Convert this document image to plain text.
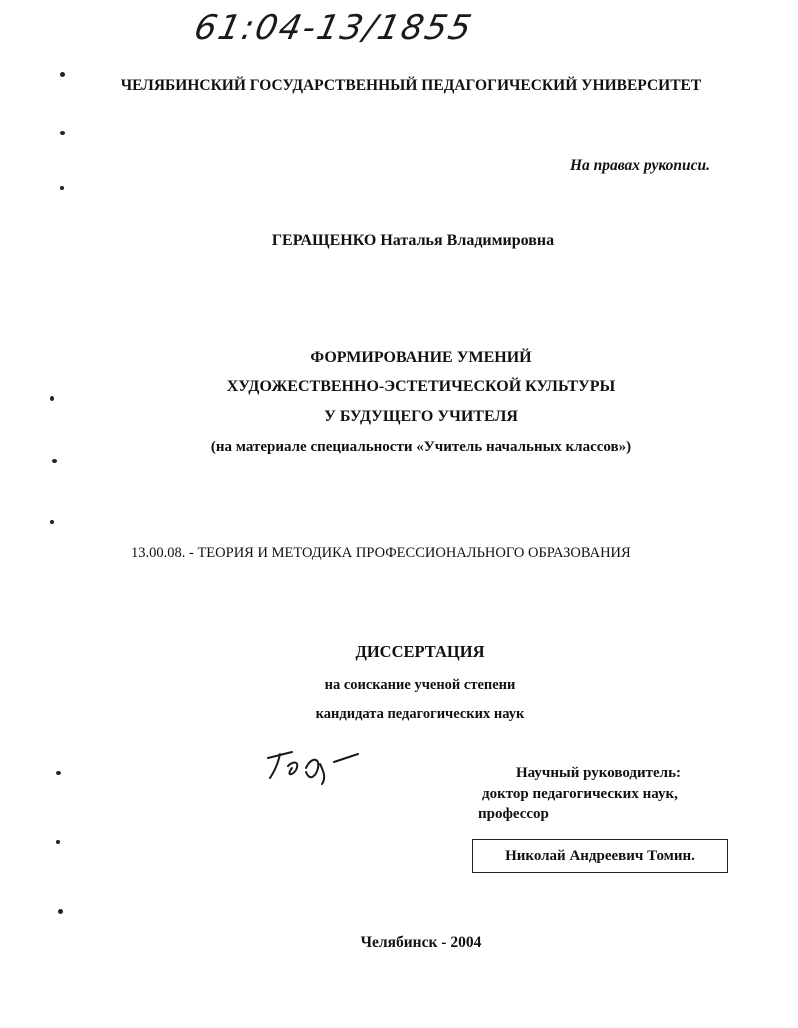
61:04-13/1855
ЧЕЛЯБИНСКИЙ ГОСУДАРСТВЕННЫЙ ПЕДАГОГИЧЕСКИЙ УНИВЕРСИТЕТ
На правах рукописи.
ГЕРАЩЕНКО Наталья Владимировна
ФОРМИРОВАНИЕ УМЕНИЙ
ХУДОЖЕСТВЕННО-ЭСТЕТИЧЕСКОЙ КУЛЬТУРЫ
У БУДУЩЕГО УЧИТЕЛЯ
(на материале специальности «Учитель начальных классов»)
13.00.08. - ТЕОРИЯ И МЕТОДИКА ПРОФЕССИОНАЛЬНОГО ОБРАЗОВАНИЯ
ДИССЕРТАЦИЯ
на соискание ученой степени
кандидата педагогических наук
Научный руководитель:
доктор педагогических наук,
профессор
Николай Андреевич Томин.
Челябинск - 2004
